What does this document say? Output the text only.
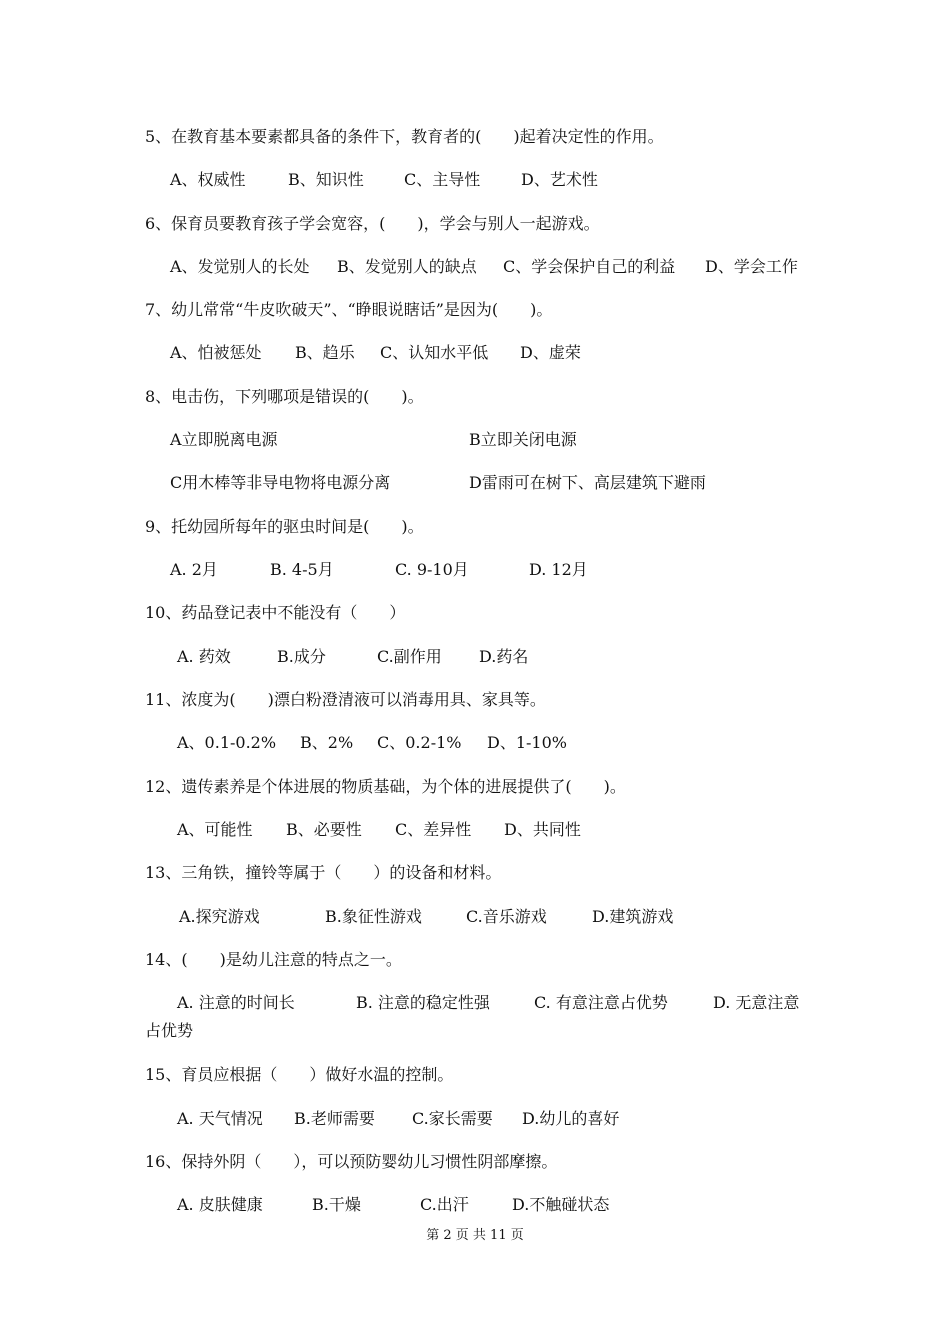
5、在教育基本要素都具备的条件下，教育者的(　　)起着决定性的作用。

A、权威性	B、知识性	C、主导性	D、艺术性

6、保育员要教育孩子学会宽容，(　　)，学会与别人一起游戏。

A、发觉别人的长处 B、发觉别人的缺点 C、学会保护自己的利益 D、学会工作

7、幼儿常常“牛皮吹破天”、“睁眼说瞎话”是因为(　　)。

A、怕被惩处 B、趋乐 C、认知水平低 D、虚荣

8、电击伤，下列哪项是错误的(　　)。

A立即脱离电源	B立即关闭电源
C用木棒等非导电物将电源分离	D雷雨可在树下、高层建筑下避雨

9、托幼园所每年的驱虫时间是(　　)。

A. 2月	B. 4-5月	C. 9-10月	D. 12月

10、药品登记表中不能没有（　　）

A. 药效	B.成分	C.副作用 D.药名

11、浓度为(　　)漂白粉澄清液可以消毒用具、家具等。

A、0.1-0.2% B、2% C、0.2-1% D、1-10%

12、遗传素养是个体进展的物质基础，为个体的进展提供了(　　)。

A、可能性 B、必要性 C、差异性 D、共同性

13、三角铁，撞铃等属于（　　）的设备和材料。

A.探究游戏	B.象征性游戏	C.音乐游戏	D.建筑游戏

14、(　　)是幼儿注意的特点之一。

A. 注意的时间长	B. 注意的稳定性强	C. 有意注意占优势	D. 无意注意
占优势

15、育员应根据（　　）做好水温的控制。

A. 天气情况 B.老师需要 C.家长需要 D.幼儿的喜好

16、保持外阴（　　），可以预防婴幼儿习惯性阴部摩擦。

A. 皮肤健康	B.干燥	C.出汗	D.不触碰状态
第 2 页 共 11 页
